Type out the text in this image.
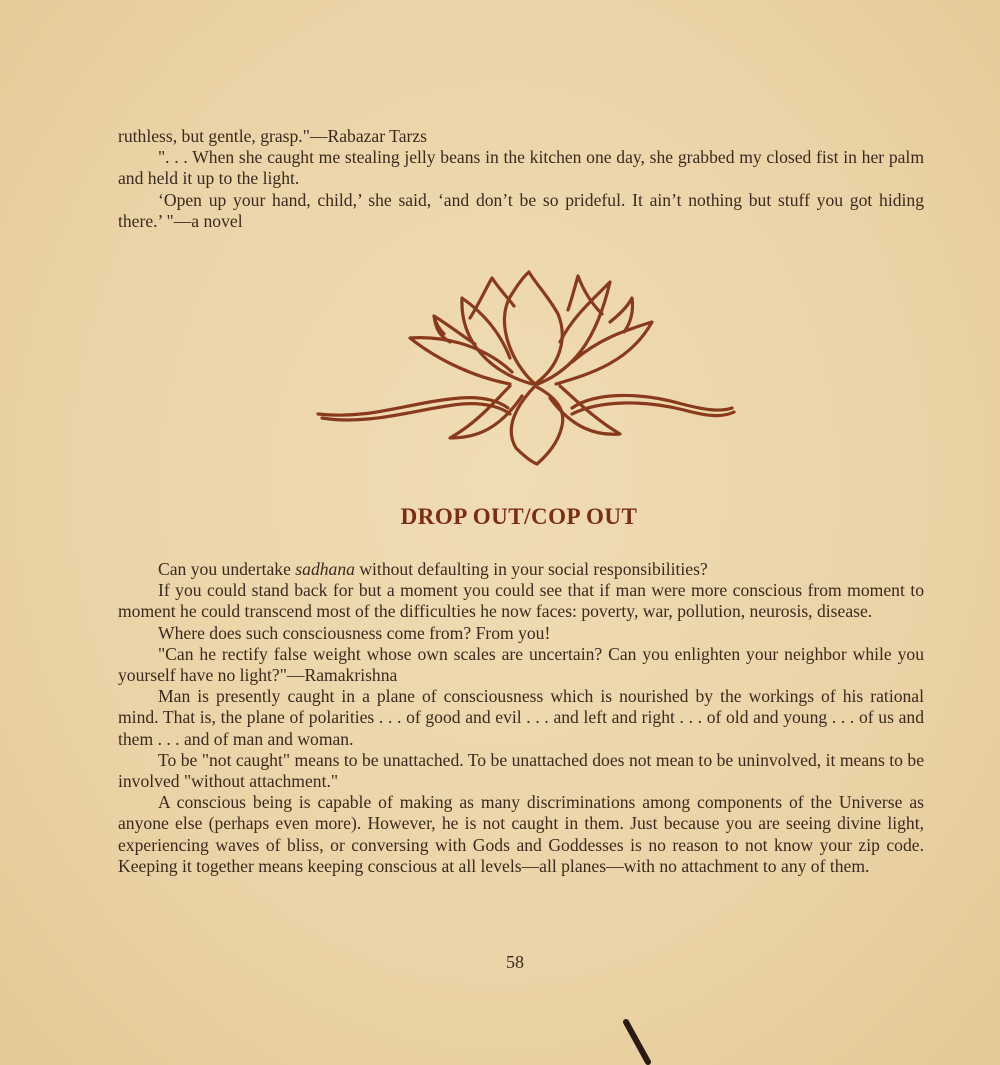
ruthless, but gentle, grasp."—Rabazar Tarzs

". . . When she caught me stealing jelly beans in the kitchen one day, she grabbed my closed fist in her palm and held it up to the light.

‘Open up your hand, child,’ she said, ‘and don’t be so prideful. It ain’t nothing but stuff you got hiding there.’ "—a novel

DROP OUT/COP OUT

Can you undertake sadhana without defaulting in your social responsibilities?

If you could stand back for but a moment you could see that if man were more conscious from moment to moment he could transcend most of the difficulties he now faces: poverty, war, pollution, neurosis, disease.

Where does such consciousness come from? From you!

"Can he rectify false weight whose own scales are uncertain? Can you enlighten your neighbor while you yourself have no light?"—Ramakrishna

Man is presently caught in a plane of consciousness which is nourished by the workings of his rational mind. That is, the plane of polarities . . . of good and evil . . . and left and right . . . of old and young . . . of us and them . . . and of man and woman.

To be "not caught" means to be unattached. To be unattached does not mean to be uninvolved, it means to be involved "without attachment."

A conscious being is capable of making as many discriminations among components of the Universe as anyone else (perhaps even more). However, he is not caught in them. Just because you are seeing divine light, experiencing waves of bliss, or conversing with Gods and Goddesses is no reason to not know your zip code. Keeping it together means keeping conscious at all levels—all planes—with no attachment to any of them.

58
